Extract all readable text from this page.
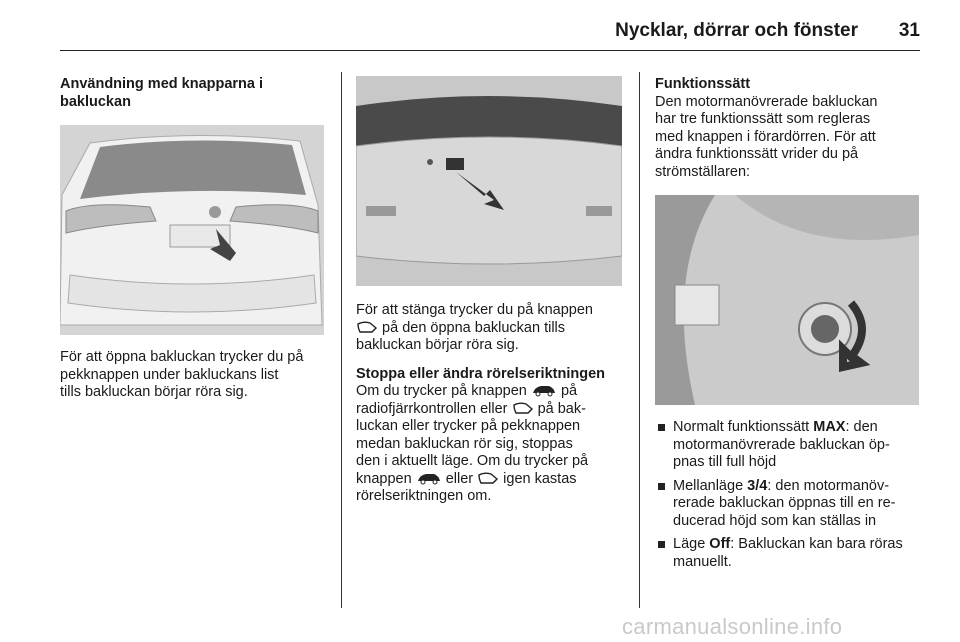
Nycklar, dörrar och fönster 31
Användning med knapparna i
bakluckan
För att öppna bakluckan trycker du på
pekknappen under bakluckans list
tills bakluckan börjar röra sig.
För att stänga trycker du på knappen
på den öppna bakluckan tills
bakluckan börjar röra sig.
Stoppa eller ändra rörelseriktningen
Om du trycker på knappen på
radiofjärrkontrollen eller på bak-
luckan eller trycker på pekknappen
medan bakluckan rör sig, stoppas
den i aktuellt läge. Om du trycker på
knappen eller igen kastas
rörelseriktningen om.
Funktionssätt
Den motormanövrerade bakluckan
har tre funktionssätt som regleras
med knappen i förardörren. För att
ändra funktionssätt vrider du på
strömställaren:
Normalt funktionssätt MAX: den
motormanövrerade bakluckan öp-
pnas till full höjd
Mellanläge 3/4: den motormanöv-
rerade bakluckan öppnas till en re-
ducerad höjd som kan ställas in
Läge Off: Bakluckan kan bara röras
manuellt.
carmanualsonline.info
